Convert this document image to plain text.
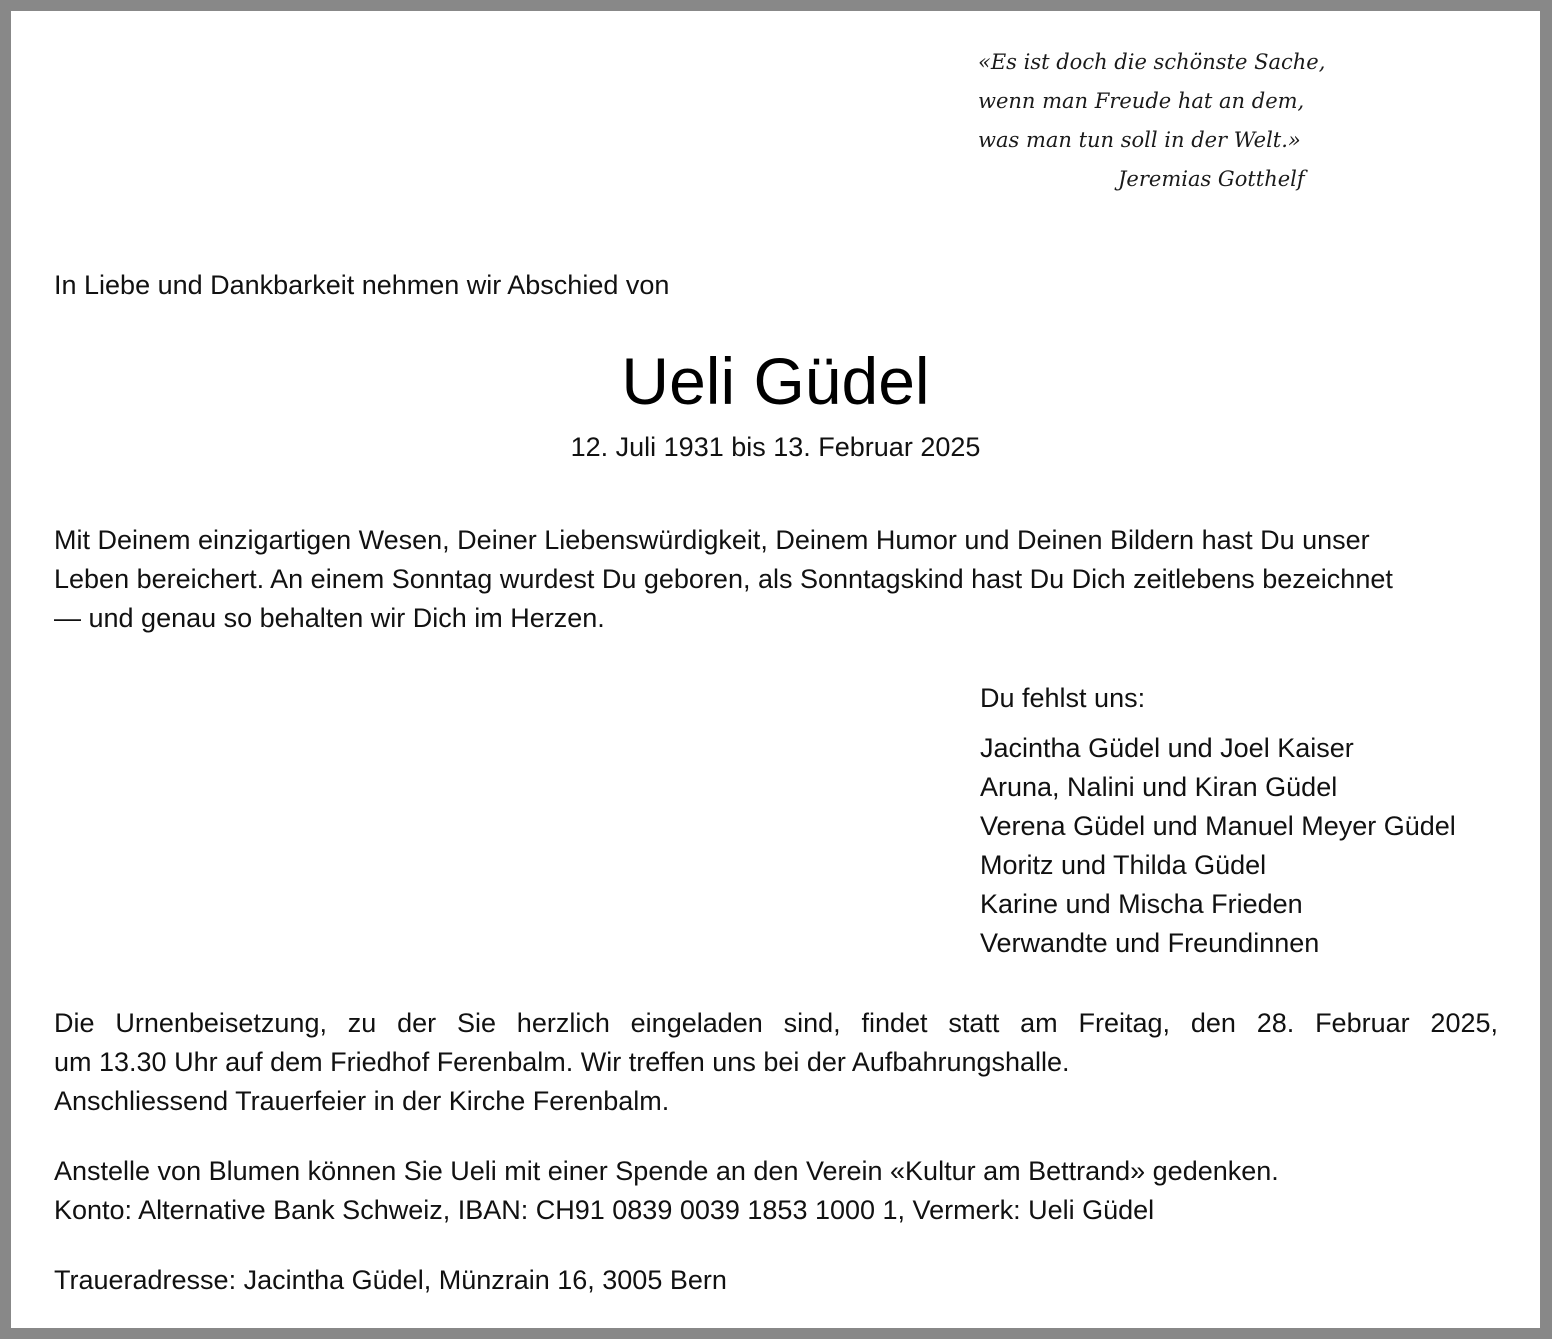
«Es ist doch die schönste Sache,
wenn man Freude hat an dem,
was man tun soll in der Welt.»
Jeremias Gotthelf
In Liebe und Dankbarkeit nehmen wir Abschied von
Ueli Güdel
12. Juli 1931 bis 13. Februar 2025
Mit Deinem einzigartigen Wesen, Deiner Liebenswürdigkeit, Deinem Humor und Deinen Bildern hast Du unser
Leben bereichert. An einem Sonntag wurdest Du geboren, als Sonntagskind hast Du Dich zeitlebens bezeichnet
— und genau so behalten wir Dich im Herzen.
Du fehlst uns:
Jacintha Güdel und Joel Kaiser
Aruna, Nalini und Kiran Güdel
Verena Güdel und Manuel Meyer Güdel
Moritz und Thilda Güdel
Karine und Mischa Frieden
Verwandte und Freundinnen
Die Urnenbeisetzung, zu der Sie herzlich eingeladen sind, findet statt am Freitag, den 28. Februar 2025,
um 13.30 Uhr auf dem Friedhof Ferenbalm. Wir treffen uns bei der Aufbahrungshalle.
Anschliessend Trauerfeier in der Kirche Ferenbalm.
Anstelle von Blumen können Sie Ueli mit einer Spende an den Verein «Kultur am Bettrand» gedenken.
Konto: Alternative Bank Schweiz, IBAN: CH91 0839 0039 1853 1000 1, Vermerk: Ueli Güdel
Traueradresse: Jacintha Güdel, Münzrain 16, 3005 Bern
